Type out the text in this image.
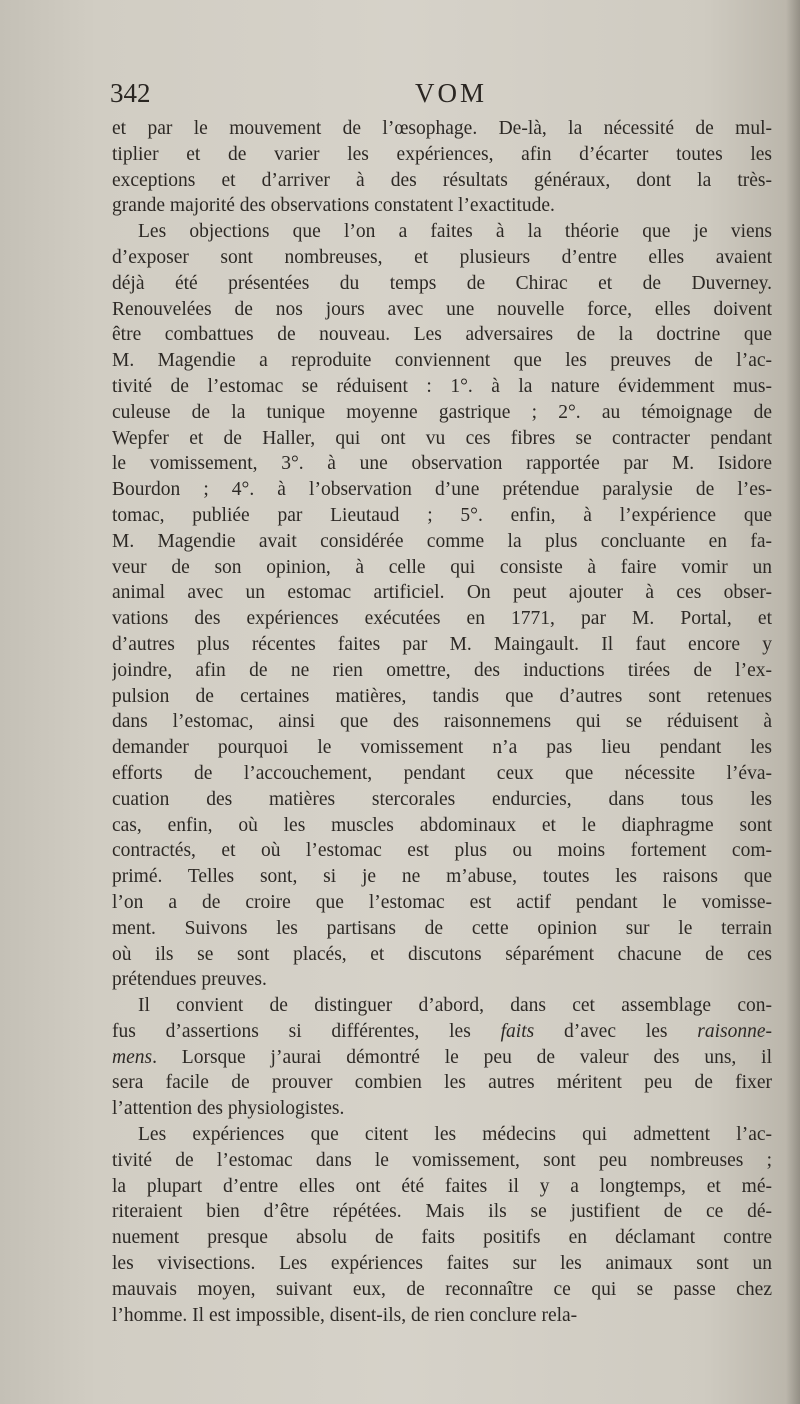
342	VOM
et par le mouvement de l’œsophage. De-là, la nécessité de mul-
tiplier et de varier les expériences, afin d’écarter toutes les
exceptions et d’arriver à des résultats généraux, dont la très-
grande majorité des observations constatent l’exactitude.
Les objections que l’on a faites à la théorie que je viens
d’exposer sont nombreuses, et plusieurs d’entre elles avaient
déjà été présentées du temps de Chirac et de Duverney.
Renouvelées de nos jours avec une nouvelle force, elles doivent
être combattues de nouveau. Les adversaires de la doctrine que
M. Magendie a reproduite conviennent que les preuves de l’ac-
tivité de l’estomac se réduisent : 1°. à la nature évidemment mus-
culeuse de la tunique moyenne gastrique ; 2°. au témoignage de
Wepfer et de Haller, qui ont vu ces fibres se contracter pendant
le vomissement, 3°. à une observation rapportée par M. Isidore
Bourdon ; 4°. à l’observation d’une prétendue paralysie de l’es-
tomac, publiée par Lieutaud ; 5°. enfin, à l’expérience que
M. Magendie avait considérée comme la plus concluante en fa-
veur de son opinion, à celle qui consiste à faire vomir un
animal avec un estomac artificiel. On peut ajouter à ces obser-
vations des expériences exécutées en 1771, par M. Portal, et
d’autres plus récentes faites par M. Maingault. Il faut encore y
joindre, afin de ne rien omettre, des inductions tirées de l’ex-
pulsion de certaines matières, tandis que d’autres sont retenues
dans l’estomac, ainsi que des raisonnemens qui se réduisent à
demander pourquoi le vomissement n’a pas lieu pendant les
efforts de l’accouchement, pendant ceux que nécessite l’éva-
cuation des matières stercorales endurcies, dans tous les
cas, enfin, où les muscles abdominaux et le diaphragme sont
contractés, et où l’estomac est plus ou moins fortement com-
primé. Telles sont, si je ne m’abuse, toutes les raisons que
l’on a de croire que l’estomac est actif pendant le vomisse-
ment. Suivons les partisans de cette opinion sur le terrain
où ils se sont placés, et discutons séparément chacune de ces
prétendues preuves.
Il convient de distinguer d’abord, dans cet assemblage con-
fus d’assertions si différentes, les faits d’avec les raisonne-
mens. Lorsque j’aurai démontré le peu de valeur des uns, il
sera facile de prouver combien les autres méritent peu de fixer
l’attention des physiologistes.
Les expériences que citent les médecins qui admettent l’ac-
tivité de l’estomac dans le vomissement, sont peu nombreuses ;
la plupart d’entre elles ont été faites il y a longtemps, et mé-
riteraient bien d’être répétées. Mais ils se justifient de ce dé-
nuement presque absolu de faits positifs en déclamant contre
les vivisections. Les expériences faites sur les animaux sont un
mauvais moyen, suivant eux, de reconnaître ce qui se passe chez
l’homme. Il est impossible, disent-ils, de rien conclure rela-
